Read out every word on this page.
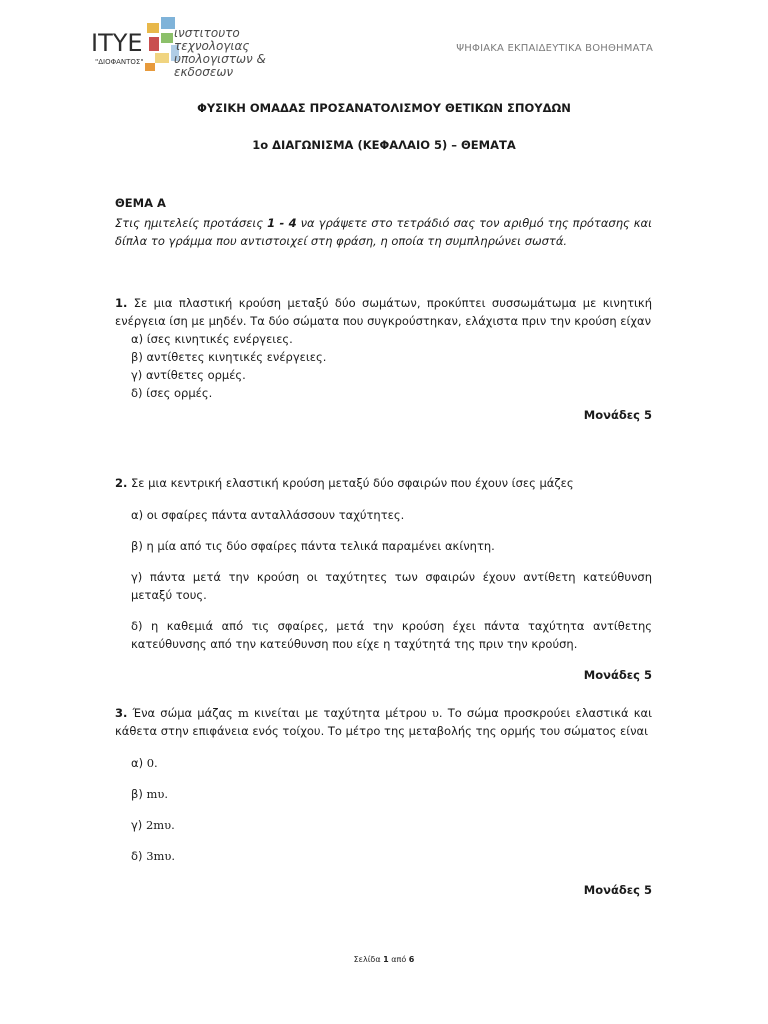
ITYE
"ΔΙΟΦΑΝΤΟΣ"
ινστιτουτο
τεχνολογιας
υπολογιστων & εκδοσεων
ΨΗΦΙΑΚΑ ΕΚΠΑΙΔΕΥΤΙΚΑ ΒΟΗΘΗΜΑΤΑ
ΦΥΣΙΚΗ ΟΜΑΔΑΣ ΠΡΟΣΑΝΑΤΟΛΙΣΜΟΥ ΘΕΤΙΚΩΝ ΣΠΟΥΔΩΝ
1ο ΔΙΑΓΩΝΙΣΜΑ (ΚΕΦΑΛΑΙΟ 5) – ΘΕΜΑΤΑ
ΘΕΜΑ Α
Στις ημιτελείς προτάσεις 1 - 4 να γράψετε στο τετράδιό σας τον αριθμό της πρότασης και δίπλα το γράμμα που αντιστοιχεί στη φράση, η οποία τη συμπληρώνει σωστά.
1. Σε μια πλαστική κρούση μεταξύ δύο σωμάτων, προκύπτει συσσωμάτωμα με κινητική ενέργεια ίση με μηδέν. Τα δύο σώματα που συγκρούστηκαν, ελάχιστα πριν την κρούση είχαν
α) ίσες κινητικές ενέργειες.
β) αντίθετες κινητικές ενέργειες.
γ) αντίθετες ορμές.
δ) ίσες ορμές.
Μονάδες 5
2. Σε μια κεντρική ελαστική κρούση μεταξύ δύο σφαιρών που έχουν ίσες μάζες
α) οι σφαίρες πάντα ανταλλάσσουν ταχύτητες.
β) η μία από τις δύο σφαίρες πάντα τελικά παραμένει ακίνητη.
γ) πάντα μετά την κρούση οι ταχύτητες των σφαιρών έχουν αντίθετη κατεύθυνση μεταξύ τους.
δ) η καθεμιά από τις σφαίρες, μετά την κρούση έχει πάντα ταχύτητα αντίθετης κατεύθυνσης από την κατεύθυνση που είχε η ταχύτητά της πριν την κρούση.
Μονάδες 5
3. Ένα σώμα μάζας m κινείται με ταχύτητα μέτρου υ. Το σώμα προσκρούει ελαστικά και κάθετα στην επιφάνεια ενός τοίχου. Το μέτρο της μεταβολής της ορμής του σώματος είναι
α) 0.
β) mυ.
γ) 2mυ.
δ) 3mυ.
Μονάδες 5
Σελίδα 1 από 6
